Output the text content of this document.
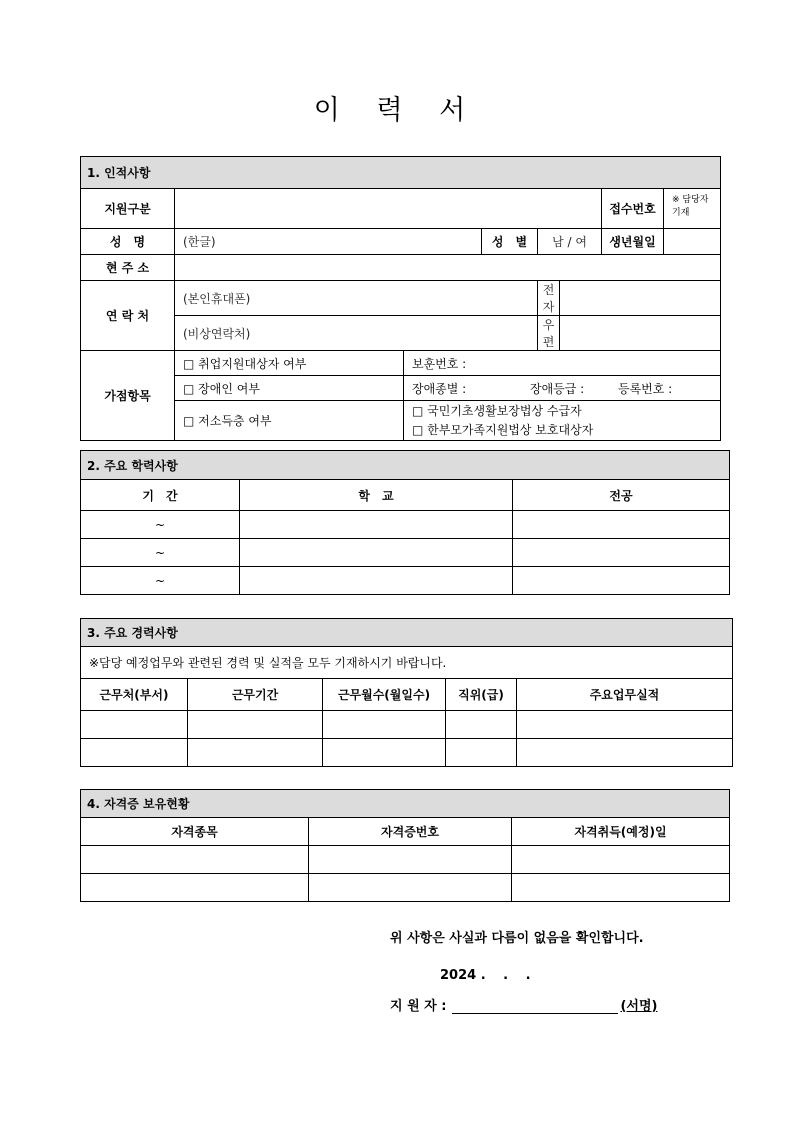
이 력 서
1. 인적사항							
지원구분						접수번호	※ 담당자 기재
성　명	(한글)		성　별	남 / 여		생년월일	
현 주 소							
연 락 처	(본인휴대폰)			전자			
	(비상연락처)			우편			
가점항목	□ 취업지원대상자 여부	보훈번호 :					
	□ 장애인 여부	장애종별 : 장애등급 : 등록번호 :					
	□ 저소득층 여부	□ 국민기초생활보장법상 수급자
□ 한부모가족지원법상 보호대상자					
2. 주요 학력사항		
기　간	학　교	전공
~		
~		
~		
3. 주요 경력사항				
※담당 예정업무와 관련된 경력 및 실적을 모두 기재하시기 바랍니다.				
근무처(부서)	근무기간	근무월수(월일수)	직위(급)	주요업무실적

4. 자격증 보유현황		
자격종목	자격증번호	자격취득(예정)일

위 사항은 사실과 다름이 없음을 확인합니다.
2024 .　 .　 .
지 원 자 :	(서명)
